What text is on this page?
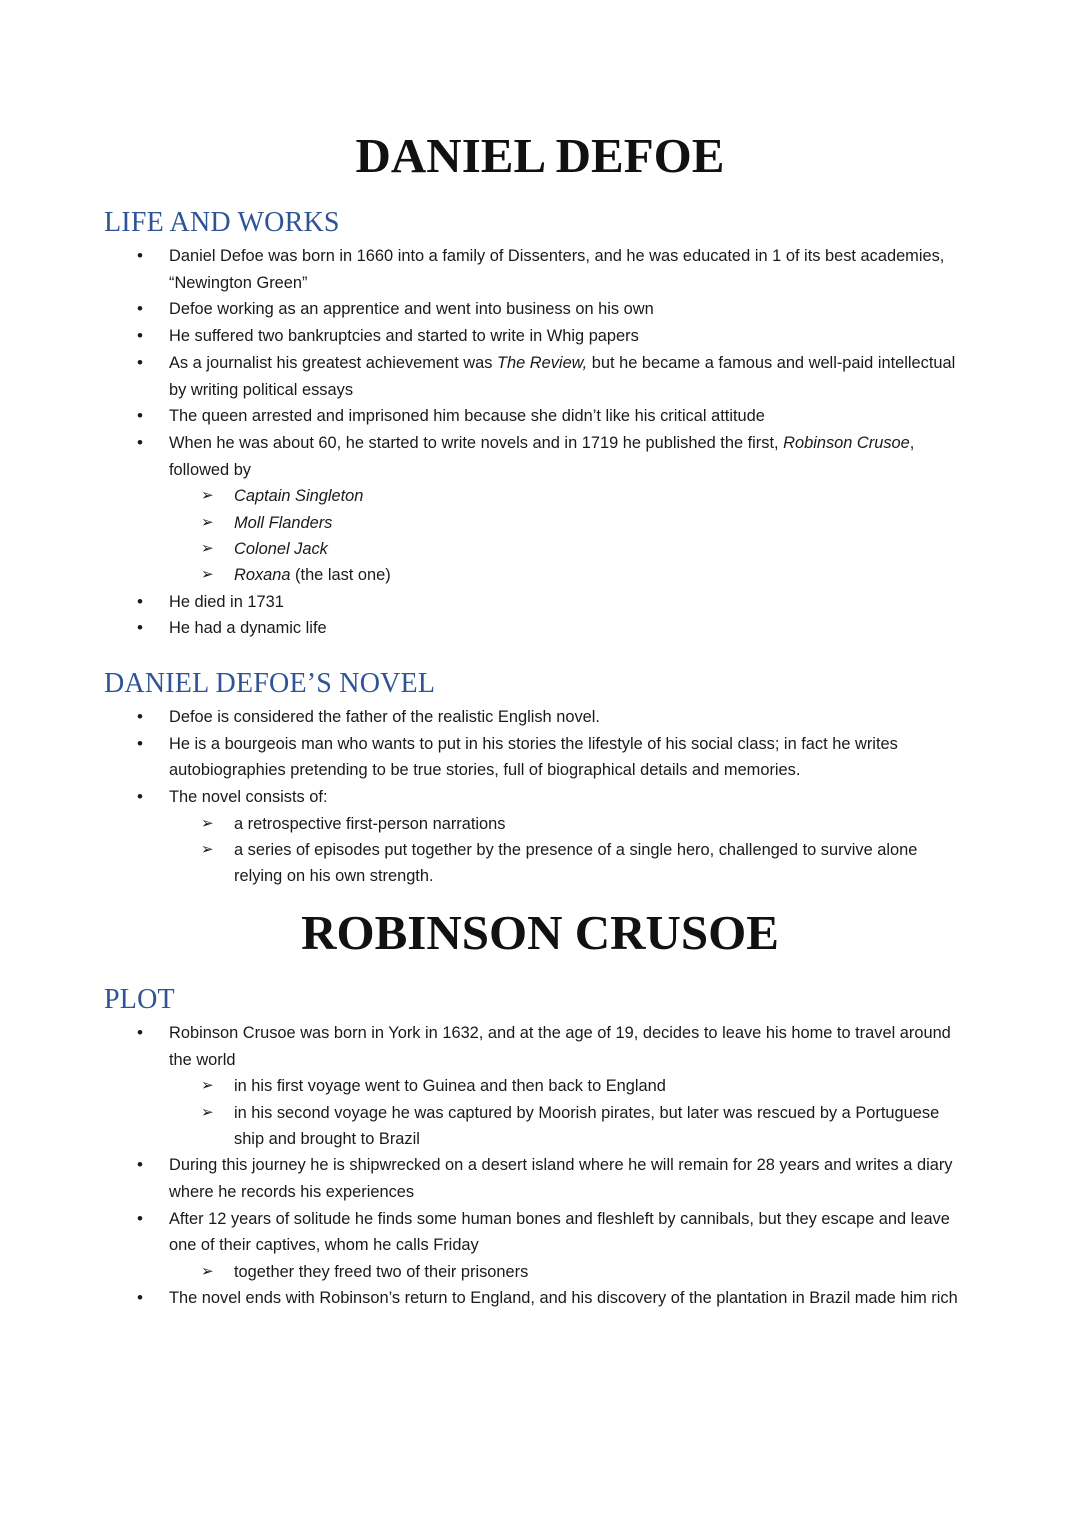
DANIEL DEFOE
LIFE AND WORKS
• Daniel Defoe was born in 1660 into a family of Dissenters, and he was educated in 1 of its best academies, “Newington Green”
• Defoe working as an apprentice and went into business on his own
• He suffered two bankruptcies and started to write in Whig papers
• As a journalist his greatest achievement was The Review, but he became a famous and well-paid intellectual by writing political essays
• The queen arrested and imprisoned him because she didn’t like his critical attitude
• When he was about 60, he started to write novels and in 1719 he published the first, Robinson Crusoe, followed by
➢ Captain Singleton
➢ Moll Flanders
➢ Colonel Jack
➢ Roxana (the last one)
• He died in 1731
• He had a dynamic life
DANIEL DEFOE’S NOVEL
• Defoe is considered the father of the realistic English novel.
• He is a bourgeois man who wants to put in his stories the lifestyle of his social class; in fact he writes autobiographies pretending to be true stories, full of biographical details and memories.
• The novel consists of:
➢ a retrospective first-person narrations
➢ a series of episodes put together by the presence of a single hero, challenged to survive alone relying on his own strength.
ROBINSON CRUSOE
PLOT
• Robinson Crusoe was born in York in 1632, and at the age of 19, decides to leave his home to travel around the world
➢ in his first voyage went to Guinea and then back to England
➢ in his second voyage he was captured by Moorish pirates, but later was rescued by a Portuguese ship and brought to Brazil
• During this journey he is shipwrecked on a desert island where he will remain for 28 years and writes a diary where he records his experiences
• After 12 years of solitude he finds some human bones and fleshleft by cannibals, but they escape and leave one of their captives, whom he calls Friday
➢ together they freed two of their prisoners
• The novel ends with Robinson’s return to England, and his discovery of the plantation in Brazil made him rich
